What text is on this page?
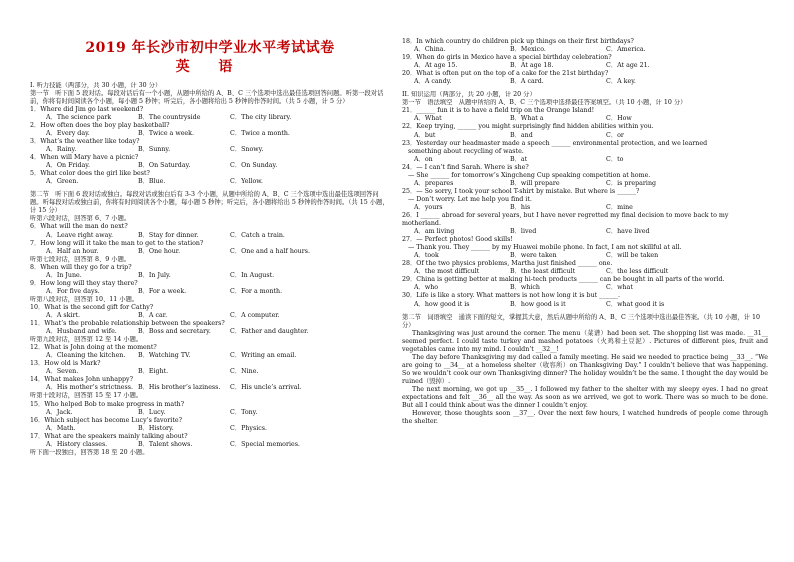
2019 年长沙市初中学业水平考试试卷
英 语
I. 听力技能（两部分，共 30 小题，计 30 分）
第一节　听下面 5 段对话。每段对话后有一个小题，从题中所给的 A、B、C 三个选项中选出最佳选项回答问题。听第一段对话前，你将有时间阅读各个小题，每小题 5 秒钟；听完后，各小题将给出 5 秒钟的作答时间。（共 5 小题，计 5 分）
1．Where did Jim go last weekend?
A．The science park	B．The countryside	C．The city library.
2．How often does the boy play basketball?
A．Every day.	B．Twice a week.	C．Twice a month.
3．What’s the weather like today?
A．Rainy.	B．Sunny.	C．Snowy.
4．When will Mary have a picnic?
A．On Friday.	B．On Saturday.	C．On Sunday.
5．What color does the girl like best?
A．Green.	B．Blue.	C．Yellow.
第二节　听下面 6 段对话或独白。每段对话或独白后有 3-3 个小题，从题中所给的 A、B、C 三个选项中选出最佳选项回答问题。听每段对话或独白前，你将有时间阅读各个小题，每小题 5 秒钟；听完后，各小题将给出 5 秒钟的作答时间。（共 15 小题，计 15 分）
听第六段对话，回答第 6、7 小题。
6．What will the man do next?
A．Leave right away.	B．Stay for dinner.	C．Catch a train.
7．How long will it take the man to get to the station?
A．Half an hour.	B．One hour.	C．One and a half hours.
听第七段对话，回答第 8、9 小题。
8．When will they go for a trip?
A．In June.	B．In July.	C．In August.
9．How long will they stay there?
A．For five days.	B．For a week.	C．For a month.
听第八段对话，回答第 10、11 小题。
10．What is the second gift for Cathy?
A．A skirt.	B．A car.	C．A computer.
11．What’s the probable relationship between the speakers?
A．Husband and wife.	B．Boss and secretary.	C．Father and daughter.
听第九段对话，回答第 12 至 14 小题。
12．What is John doing at the moment?
A．Cleaning the kitchen.	B．Watching TV.	C．Writing an email.
13．How old is Mark?
A．Seven.	B．Eight.	C．Nine.
14．What makes John unhappy?
A．His mother’s strictness. B．His brother’s laziness.	C．His uncle’s arrival.
听第十段对话，回答第 15 至 17 小题。
15．Who helped Bob to make progress in math?
A．Jack.	B．Lucy.	C．Tony.
16．Which subject has become Lucy’s favorite?
A．Math.	B．History.	C．Physics.
17．What are the speakers mainly talking about?
A．History classes.	B．Talent shows.	C．Special memories.
听下面一段独白，回答第 18 至 20 小题。
18．In which country do children pick up things on their first birthdays?
A．China.	B．Mexico.	C．America.
19．When do girls in Mexico have a special birthday celebration?
A．At age 15.	B．At age 18.	C．At age 21.
20．What is often put on the top of a cake for the 21st birthday?
A．A candy.	B．A card.	C．A key.
II. 知识运用（两部分，共 20 小题，计 20 分）
第一节　语法填空　从题中所给的 A、B、C 三个选项中选择最佳答案填空。（共 10 小题，计 10 分）
21．______ fun it is to have a field trip on the Orange Island!
A．What	B．What a	C．How
22．Keep trying, ______ you might surprisingly find hidden abilities within you.
A．but	B．and	C．or
23．Yesterday our headmaster made a speech ______ environmental protection, and we learned
something about recycling of waste.
A．on	B．at	C．to
24．— I can’t find Sarah. Where is she?
— She ______ for tomorrow’s Xingcheng Cup speaking competition at home.
A．prepares	B．will prepare	C．is preparing
25．— So sorry, I took your school T-shirt by mistake. But where is ______?
— Don’t worry. Let me help you find it.
A．yours	B．his	C．mine
26．I ______ abroad for several years, but I have never regretted my final decision to move back to my motherland.
A．am living	B．lived	C．have lived
27．— Perfect photos! Good skills!
— Thank you. They ______ by my Huawei mobile phone. In fact, I am not skillful at all.
A．took	B．were taken	C．will be taken
28．Of the two physics problems, Martha just finished ______ one.
A．the most difficult	B．the least difficult	C．the less difficult
29．China is getting better at making hi-tech products ______ can be bought in all parts of the world.
A．who	B．which	C．what
30．Life is like a story. What matters is not how long it is but ______.
A．how good it is	B．how good is it	C．what good it is
第二节　词语填空　通读下面的短文，掌握其大意，然后从题中所给的 A、B、C 三个选项中选出最佳答案。（共 10 小题，计 10 分）
Thanksgiving was just around the corner. The menu（菜谱）had been set. The shopping list was made. __31__ seemed perfect. I could taste turkey and mashed potatoes（火鸡和土豆泥）. Pictures of different pies, fruit and vegetables came into my mind. I couldn’t __32__!
The day before Thanksgiving my dad called a family meeting. He said we needed to practice being __33__. “We are going to __34__ at a homeless shelter（收容所）on Thanksgiving Day.” I couldn’t believe that was happening. So we wouldn’t cook our own Thanksgiving dinner? The holiday wouldn’t be the same. I thought the day would be ruined（毁掉）.
The next morning, we got up __35__. I followed my father to the shelter with my sleepy eyes. I had no great expectations and felt __36__ all the way. As soon as we arrived, we got to work. There was so much to be done. But all I could think about was the dinner I couldn’t enjoy.
However, those thoughts soon __37__. Over the next few hours, I watched hundreds of people come through the shelter.
